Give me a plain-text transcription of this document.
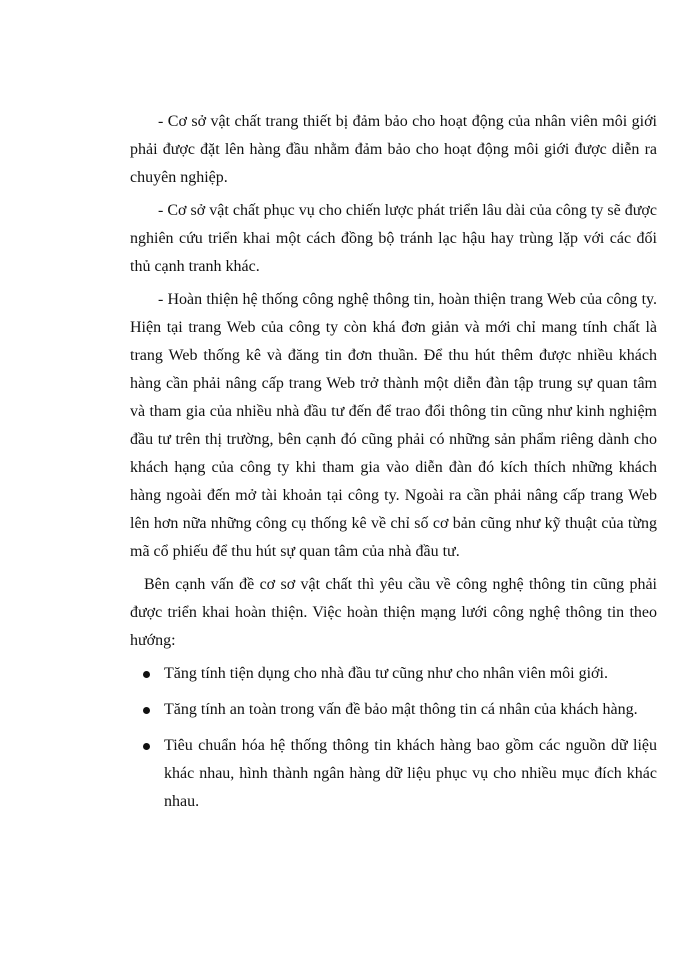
- Cơ sở vật chất trang thiết bị đảm bảo cho hoạt động của nhân viên môi giới phải được đặt lên hàng đầu nhằm đảm bảo cho hoạt động môi giới được diễn ra chuyên nghiệp.

- Cơ sở vật chất phục vụ cho chiến lược phát triển lâu dài của công ty sẽ được nghiên cứu triển khai một cách đồng bộ tránh lạc hậu hay trùng lặp với các đối thủ cạnh tranh khác.

- Hoàn thiện hệ thống công nghệ thông tin, hoàn thiện trang Web của công ty. Hiện tại trang Web của công ty còn khá đơn giản và mới chỉ mang tính chất là trang Web thống kê và đăng tin đơn thuần. Để thu hút thêm được nhiều khách hàng cần phải nâng cấp trang Web trở thành một diễn đàn tập trung sự quan tâm và tham gia của nhiều nhà đầu tư đến để trao đổi thông tin cũng như kinh nghiệm đầu tư trên thị trường, bên cạnh đó cũng phải có những sản phẩm riêng dành cho khách hạng của công ty khi tham gia vào diễn đàn đó kích thích những khách hàng ngoài đến mở tài khoản tại công ty. Ngoài ra cần phải nâng cấp trang Web lên hơn nữa những công cụ thống kê về chỉ số cơ bản cũng như kỹ thuật của từng mã cổ phiếu để thu hút sự quan tâm của nhà đầu tư.

Bên cạnh vấn đề cơ sơ vật chất thì yêu cầu về công nghệ thông tin cũng phải được triển khai hoàn thiện. Việc hoàn thiện mạng lưới công nghệ thông tin theo hướng:

Tăng tính tiện dụng cho nhà đầu tư cũng như cho nhân viên môi giới.
Tăng tính an toàn trong vấn đề bảo mật thông tin cá nhân của khách hàng.
Tiêu chuẩn hóa hệ thống thông tin khách hàng bao gồm các nguồn dữ liệu khác nhau, hình thành ngân hàng dữ liệu phục vụ cho nhiều mục đích khác nhau.
